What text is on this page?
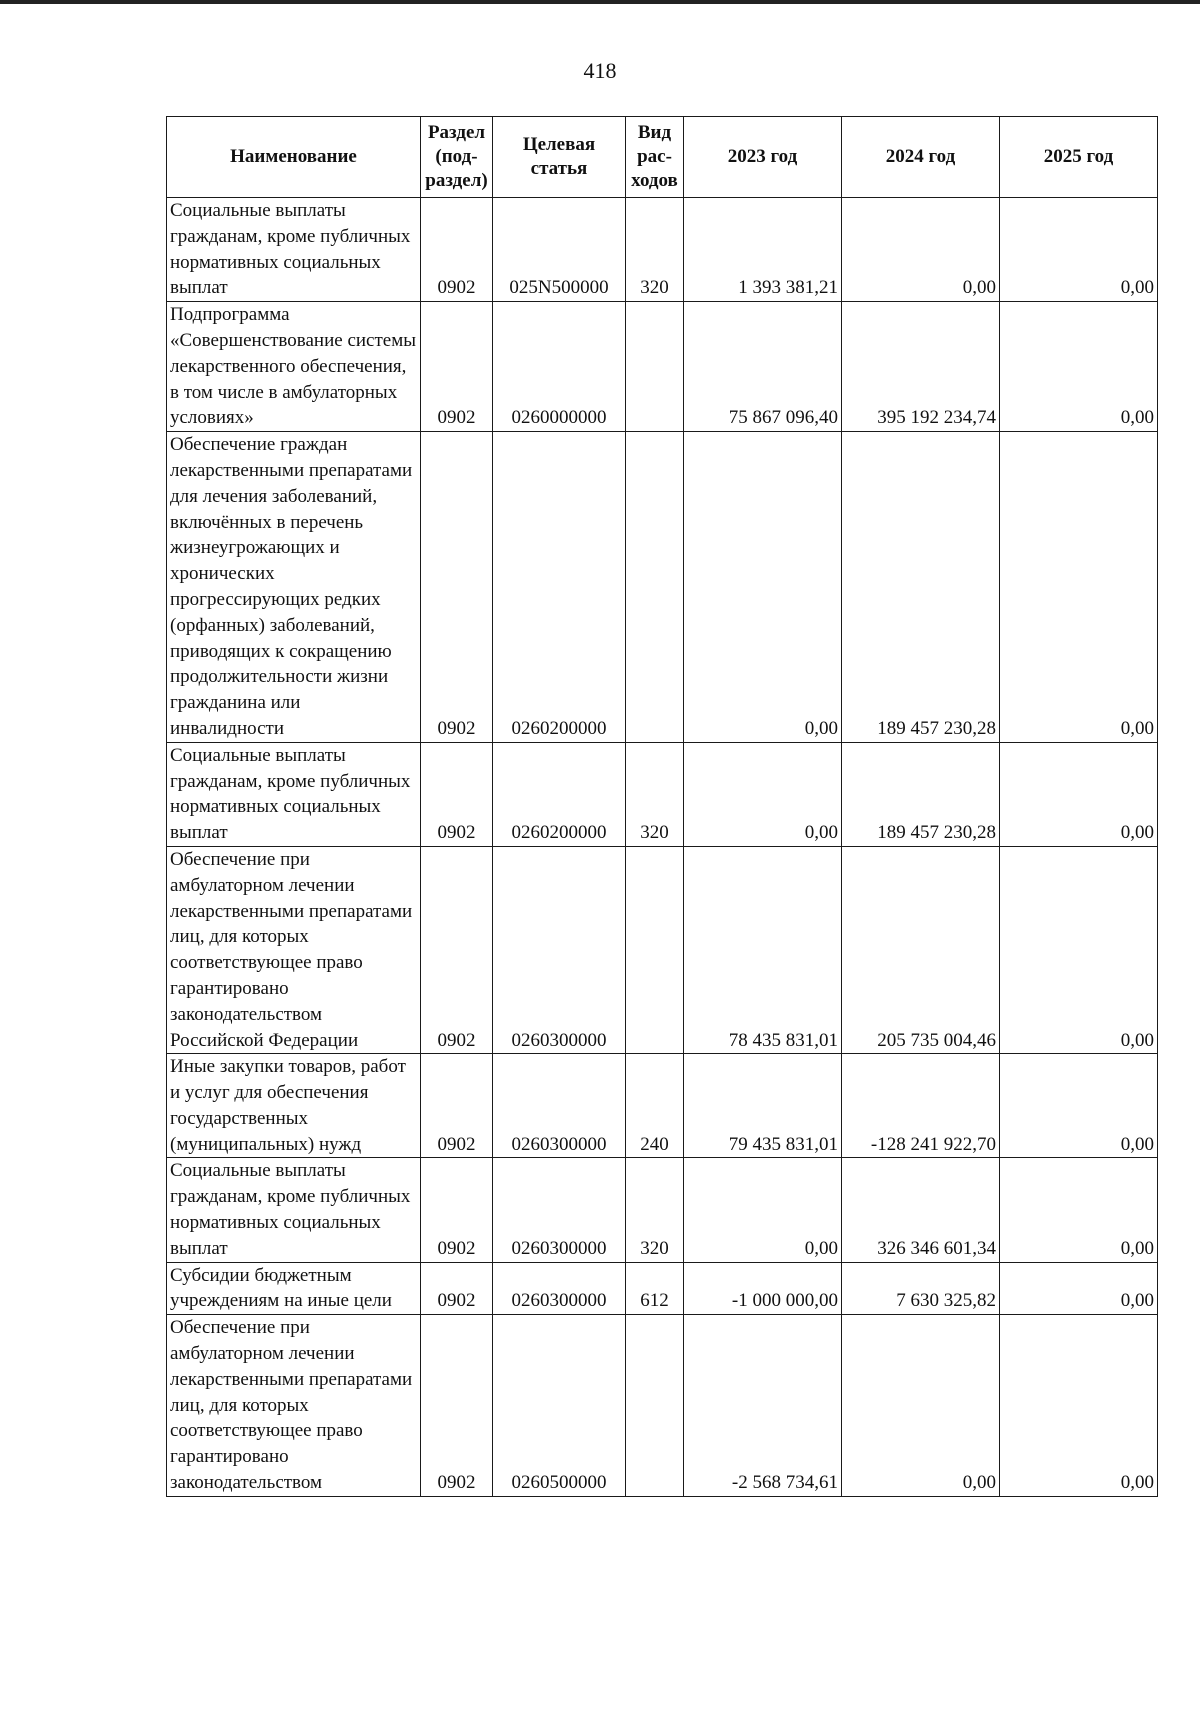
418
Наименование	Раздел (под-раздел)	Целевая статья	Вид рас-ходов	2023 год	2024 год	2025 год
Социальные выплаты гражданам, кроме публичных нормативных социальных выплат	0902	025N500000	320	1 393 381,21	0,00	0,00
Подпрограмма «Совершенствование системы лекарственного обеспечения, в том числе в амбулаторных условиях»	0902	0260000000		75 867 096,40	395 192 234,74	0,00
Обеспечение граждан лекарственными препаратами для лечения заболеваний, включённых в перечень жизнеугрожающих и хронических прогрессирующих редких (орфанных) заболеваний, приводящих к сокращению продолжительности жизни гражданина или инвалидности	0902	0260200000		0,00	189 457 230,28	0,00
Социальные выплаты гражданам, кроме публичных нормативных социальных выплат	0902	0260200000	320	0,00	189 457 230,28	0,00
Обеспечение при амбулаторном лечении лекарственными препаратами лиц, для которых соответствующее право гарантировано законодательством Российской Федерации	0902	0260300000		78 435 831,01	205 735 004,46	0,00
Иные закупки товаров, работ и услуг для обеспечения государственных (муниципальных) нужд	0902	0260300000	240	79 435 831,01	-128 241 922,70	0,00
Социальные выплаты гражданам, кроме публичных нормативных социальных выплат	0902	0260300000	320	0,00	326 346 601,34	0,00
Субсидии бюджетным учреждениям на иные цели	0902	0260300000	612	-1 000 000,00	7 630 325,82	0,00
Обеспечение при амбулаторном лечении лекарственными препаратами лиц, для которых соответствующее право гарантировано законодательством	0902	0260500000		-2 568 734,61	0,00	0,00
